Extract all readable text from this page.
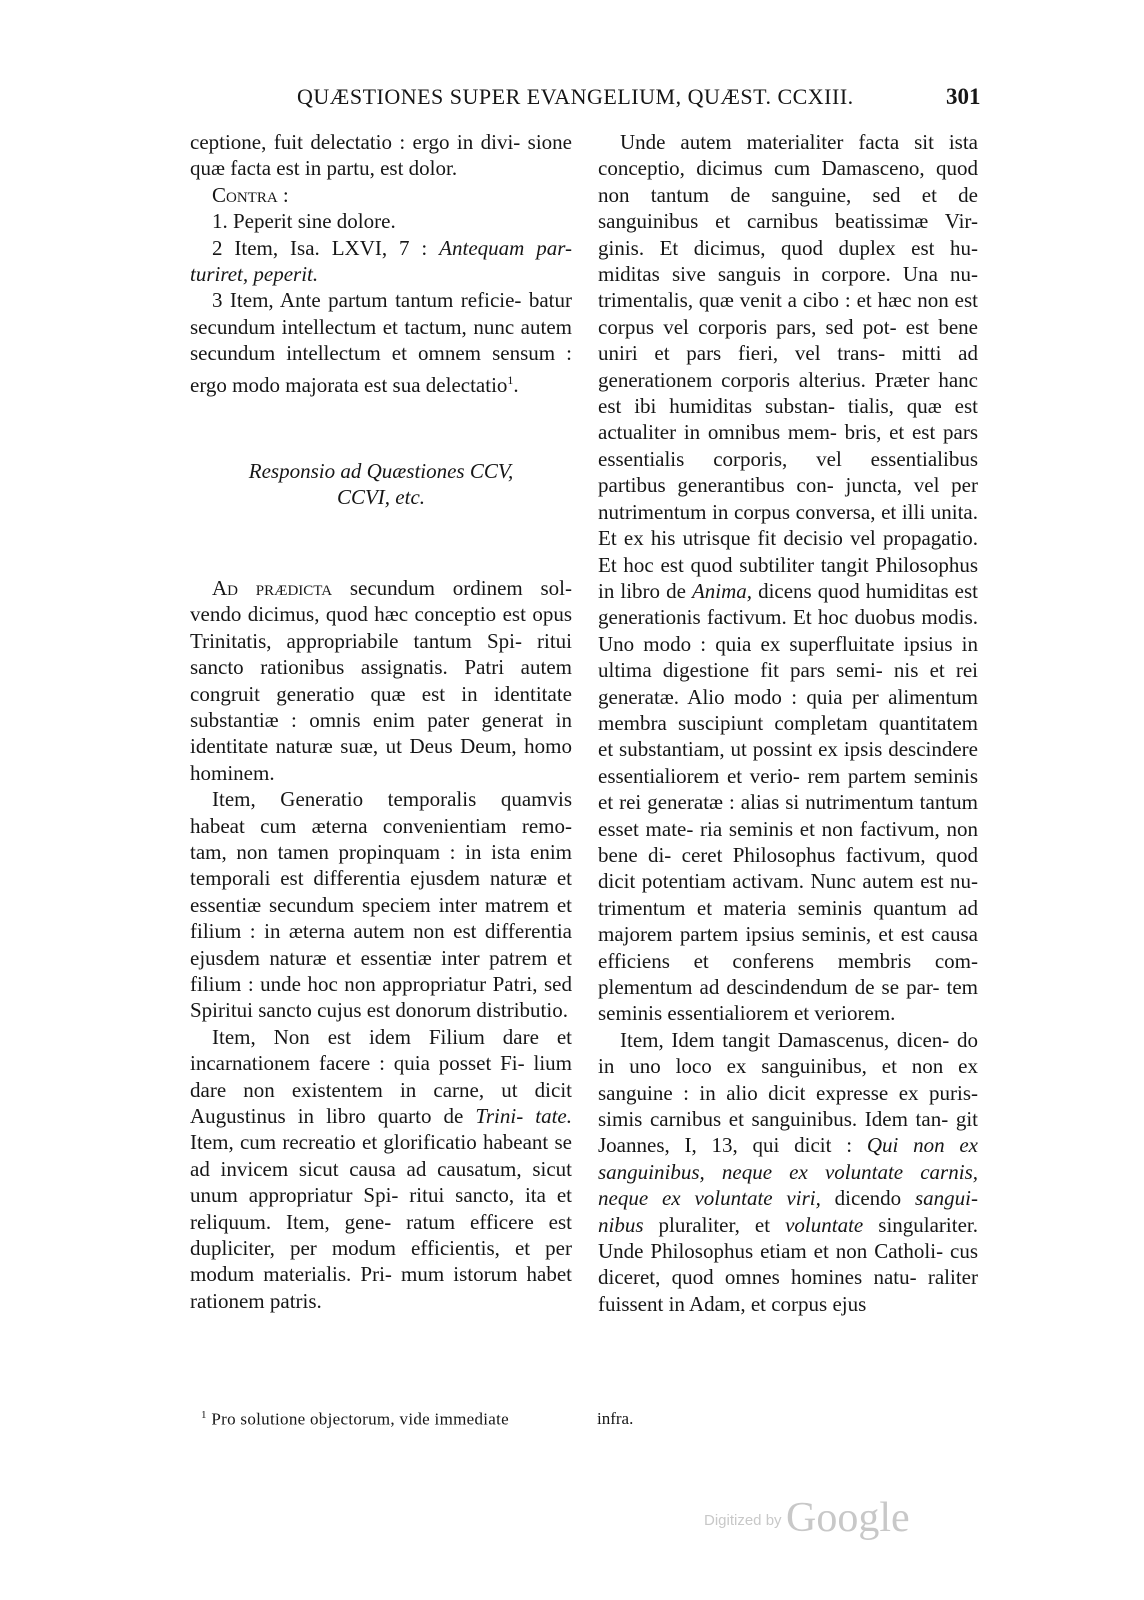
QUÆSTIONES SUPER EVANGELIUM, QUÆST. CCXIII.	301

ceptione, fuit delectatio : ergo in divi- sione quæ facta est in partu, est dolor.

Contra :

1. Peperit sine dolore.

2 Item, Isa. LXVI, 7 : Antequam par- turiret, peperit.

3 Item, Ante partum tantum reficie- batur secundum intellectum et tactum, nunc autem secundum intellectum et omnem sensum : ergo modo majorata est sua delectatio$^1$.

Responsio ad Quæstiones CCV,

CCVI, etc.

Ad prædicta secundum ordinem sol- vendo dicimus, quod hæc conceptio est opus Trinitatis, appropriabile tantum Spi- ritui sancto rationibus assignatis. Patri autem congruit generatio quæ est in identitate substantiæ : omnis enim pater generat in identitate naturæ suæ, ut Deus Deum, homo hominem.

Item, Generatio temporalis quamvis habeat cum æterna convenientiam remo- tam, non tamen propinquam : in ista enim temporali est differentia ejusdem naturæ et essentiæ secundum speciem inter matrem et filium : in æterna autem non est differentia ejusdem naturæ et essentiæ inter patrem et filium : unde hoc non appropriatur Patri, sed Spiritui sancto cujus est donorum distributio.

Item, Non est idem Filium dare et incarnationem facere : quia posset Fi- lium dare non existentem in carne, ut dicit Augustinus in libro quarto de Trini- tate. Item, cum recreatio et glorificatio habeant se ad invicem sicut causa ad causatum, sicut unum appropriatur Spi- ritui sancto, ita et reliquum. Item, gene- ratum efficere est dupliciter, per modum efficientis, et per modum materialis. Pri- mum istorum habet rationem patris.

Unde autem materialiter facta sit ista conceptio, dicimus cum Damasceno, quod non tantum de sanguine, sed et de sanguinibus et carnibus beatissimæ Vir- ginis. Et dicimus, quod duplex est hu- miditas sive sanguis in corpore. Una nu- trimentalis, quæ venit a cibo : et hæc non est corpus vel corporis pars, sed pot- est bene uniri et pars fieri, vel trans- mitti ad generationem corporis alterius. Præter hanc est ibi humiditas substan- tialis, quæ est actualiter in omnibus mem- bris, et est pars essentialis corporis, vel essentialibus partibus generantibus con- juncta, vel per nutrimentum in corpus conversa, et illi unita. Et ex his utrisque fit decisio vel propagatio. Et hoc est quod subtiliter tangit Philosophus in libro de Anima, dicens quod humiditas est generationis factivum. Et hoc duobus modis. Uno modo : quia ex superfluitate ipsius in ultima digestione fit pars semi- nis et rei generatæ. Alio modo : quia per alimentum membra suscipiunt completam quantitatem et substantiam, ut possint ex ipsis descindere essentialiorem et verio- rem partem seminis et rei generatæ : alias si nutrimentum tantum esset mate- ria seminis et non factivum, non bene di- ceret Philosophus factivum, quod dicit potentiam activam. Nunc autem est nu- trimentum et materia seminis quantum ad majorem partem ipsius seminis, et est causa efficiens et conferens membris com- plementum ad descindendum de se par- tem seminis essentialiorem et veriorem.

Item, Idem tangit Damascenus, dicen- do in uno loco ex sanguinibus, et non ex sanguine : in alio dicit expresse ex puris- simis carnibus et sanguinibus. Idem tan- git Joannes, I, 13, qui dicit : Qui non ex sanguinibus, neque ex voluntate carnis, neque ex voluntate viri, dicendo sangui- nibus pluraliter, et voluntate singulariter. Unde Philosophus etiam et non Catholi- cus diceret, quod omnes homines natu- raliter fuissent in Adam, et corpus ejus

$^1$ Pro solutione objectorum, vide immediate	infra.
Digitized by Google
